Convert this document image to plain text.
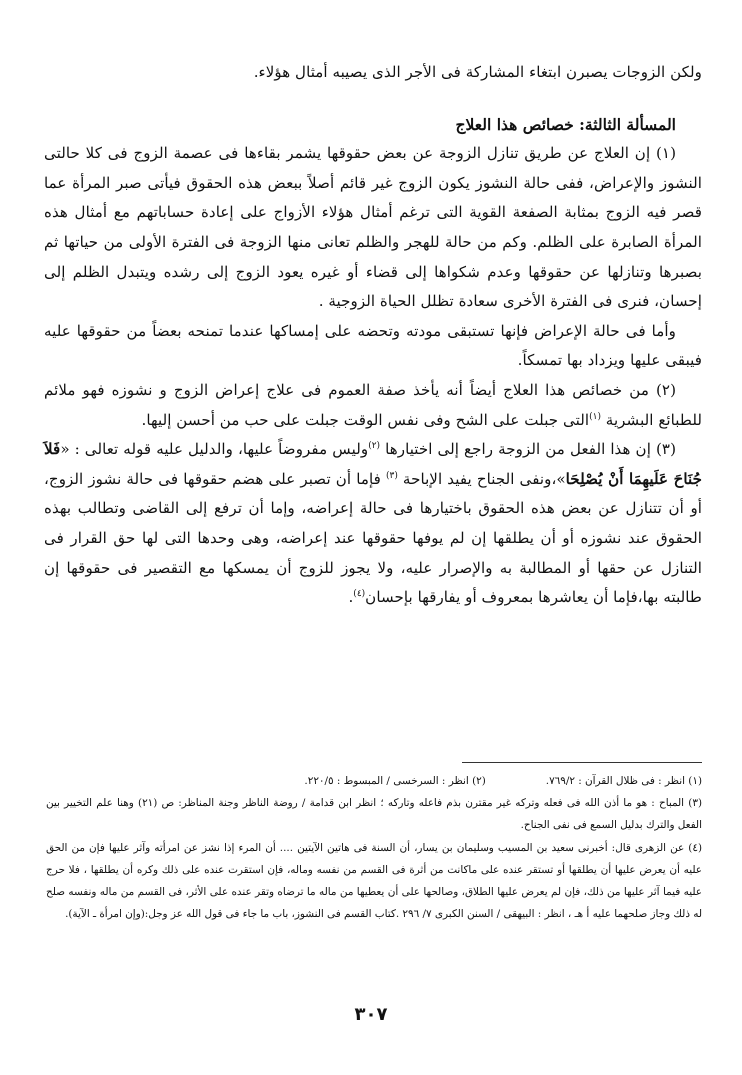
ولكن الزوجات يصبرن ابتغاء المشاركة فى الأجر الذى يصيبه أمثال هؤلاء.

المسألة الثالثة: خصائص هذا العلاج

(١) إن العلاج عن طريق تنازل الزوجة عن بعض حقوقها يشمر بقاءها فى عصمة الزوج فى كلا حالتى النشوز والإعراض، ففى حالة النشوز يكون الزوج غير قائم أصلاً ببعض هذه الحقوق فيأتى صبر المرأة عما قصر فيه الزوج بمثابة الصفعة القوية التى ترغم أمثال هؤلاء الأزواج على إعادة حساباتهم مع أمثال هذه المرأة الصابرة على الظلم. وكم من حالة للهجر والظلم تعانى منها الزوجة فى الفترة الأولى من حياتها ثم بصبرها وتنازلها عن حقوقها وعدم شكواها إلى قضاء أو غيره يعود الزوج إلى رشده ويتبدل الظلم إلى إحسان، فنرى فى الفترة الأخرى سعادة تظلل الحياة الزوجية .

وأما فى حالة الإعراض فإنها تستبقى مودته وتحضه على إمساكها عندما تمنحه بعضاً من حقوقها عليه فيبقى عليها ويزداد بها تمسكاً.

(٢) من خصائص هذا العلاج أيضاً أنه يأخذ صفة العموم فى علاج إعراض الزوج و نشوزه فهو ملائم للطبائع البشرية $^{(١)}$التى جبلت على الشح وفى نفس الوقت جبلت على حب من أحسن إليها.

(٣) إن هذا الفعل من الزوجة راجع إلى اختيارها $^{(٢)}$وليس مفروضاً عليها، والدليل عليه قوله تعالى : «فَلاَ جُنَاحَ عَلَيهِمَا أَنْ يُصْلِحَا»،ونفى الجناح يفيد الإباحة $^{(٣)}$ فإما أن تصبر على هضم حقوقها فى حالة نشوز الزوج، أو أن تتنازل عن بعض هذه الحقوق باختيارها فى حالة إعراضه، وإما أن ترفع إلى القاضى وتطالب بهذه الحقوق عند نشوزه أو أن يطلقها إن لم يوفها حقوقها عند إعراضه، وهى وحدها التى لها حق القرار فى التنازل عن حقها أو المطالبة به والإصرار عليه، ولا يجوز للزوج أن يمسكها مع التقصير فى حقوقها إن طالبته بها،فإما أن يعاشرها بمعروف أو يفارقها بإحسان$^{(٤)}$.

(١) انظر : فى ظلال القرآن : ٧٦٩/٢.
(٢) انظر : السرخسى / المبسوط : ٢٢٠/٥.

(٣) المباح : هو ما أذن الله فى فعله وتركه غير مقترن بذم فاعله وتاركه ؛ انظر ابن قدامة / روضة الناظر وجنة المناظر: ص (٢١) وهنا علم التخيير بين الفعل والترك بدليل السمع فى نفى الجناح.

(٤) عن الزهرى قال: أخبرنى سعيد بن المسيب وسليمان بن يسار، أن السنة فى هاتين الآيتين .... أن المرء إذا نشز عن امرأته وآثر عليها فإن من الحق عليه أن يعرض عليها أن يطلقها أو تستقر عنده على ماكانت من أثرة فى القسم من نفسه وماله، فإن استقرت عنده على ذلك وكره أن يطلقها ، فلا حرج عليه فيما آثر عليها من ذلك، فإن لم يعرض عليها الطلاق، وصالحها على أن يعطيها من ماله ما ترضاه وتقر عنده على الأثر، فى القسم من ماله ونفسه صلح له ذلك وجاز صلحهما عليه أ هـ ، انظر : البيهقى / السنن الكبرى ٧/ ٢٩٦ .كتاب القسم فى النشوز، باب ما جاء فى قول الله عز وجل:(وإن امرأة ـ الآية).

٣٠٧
